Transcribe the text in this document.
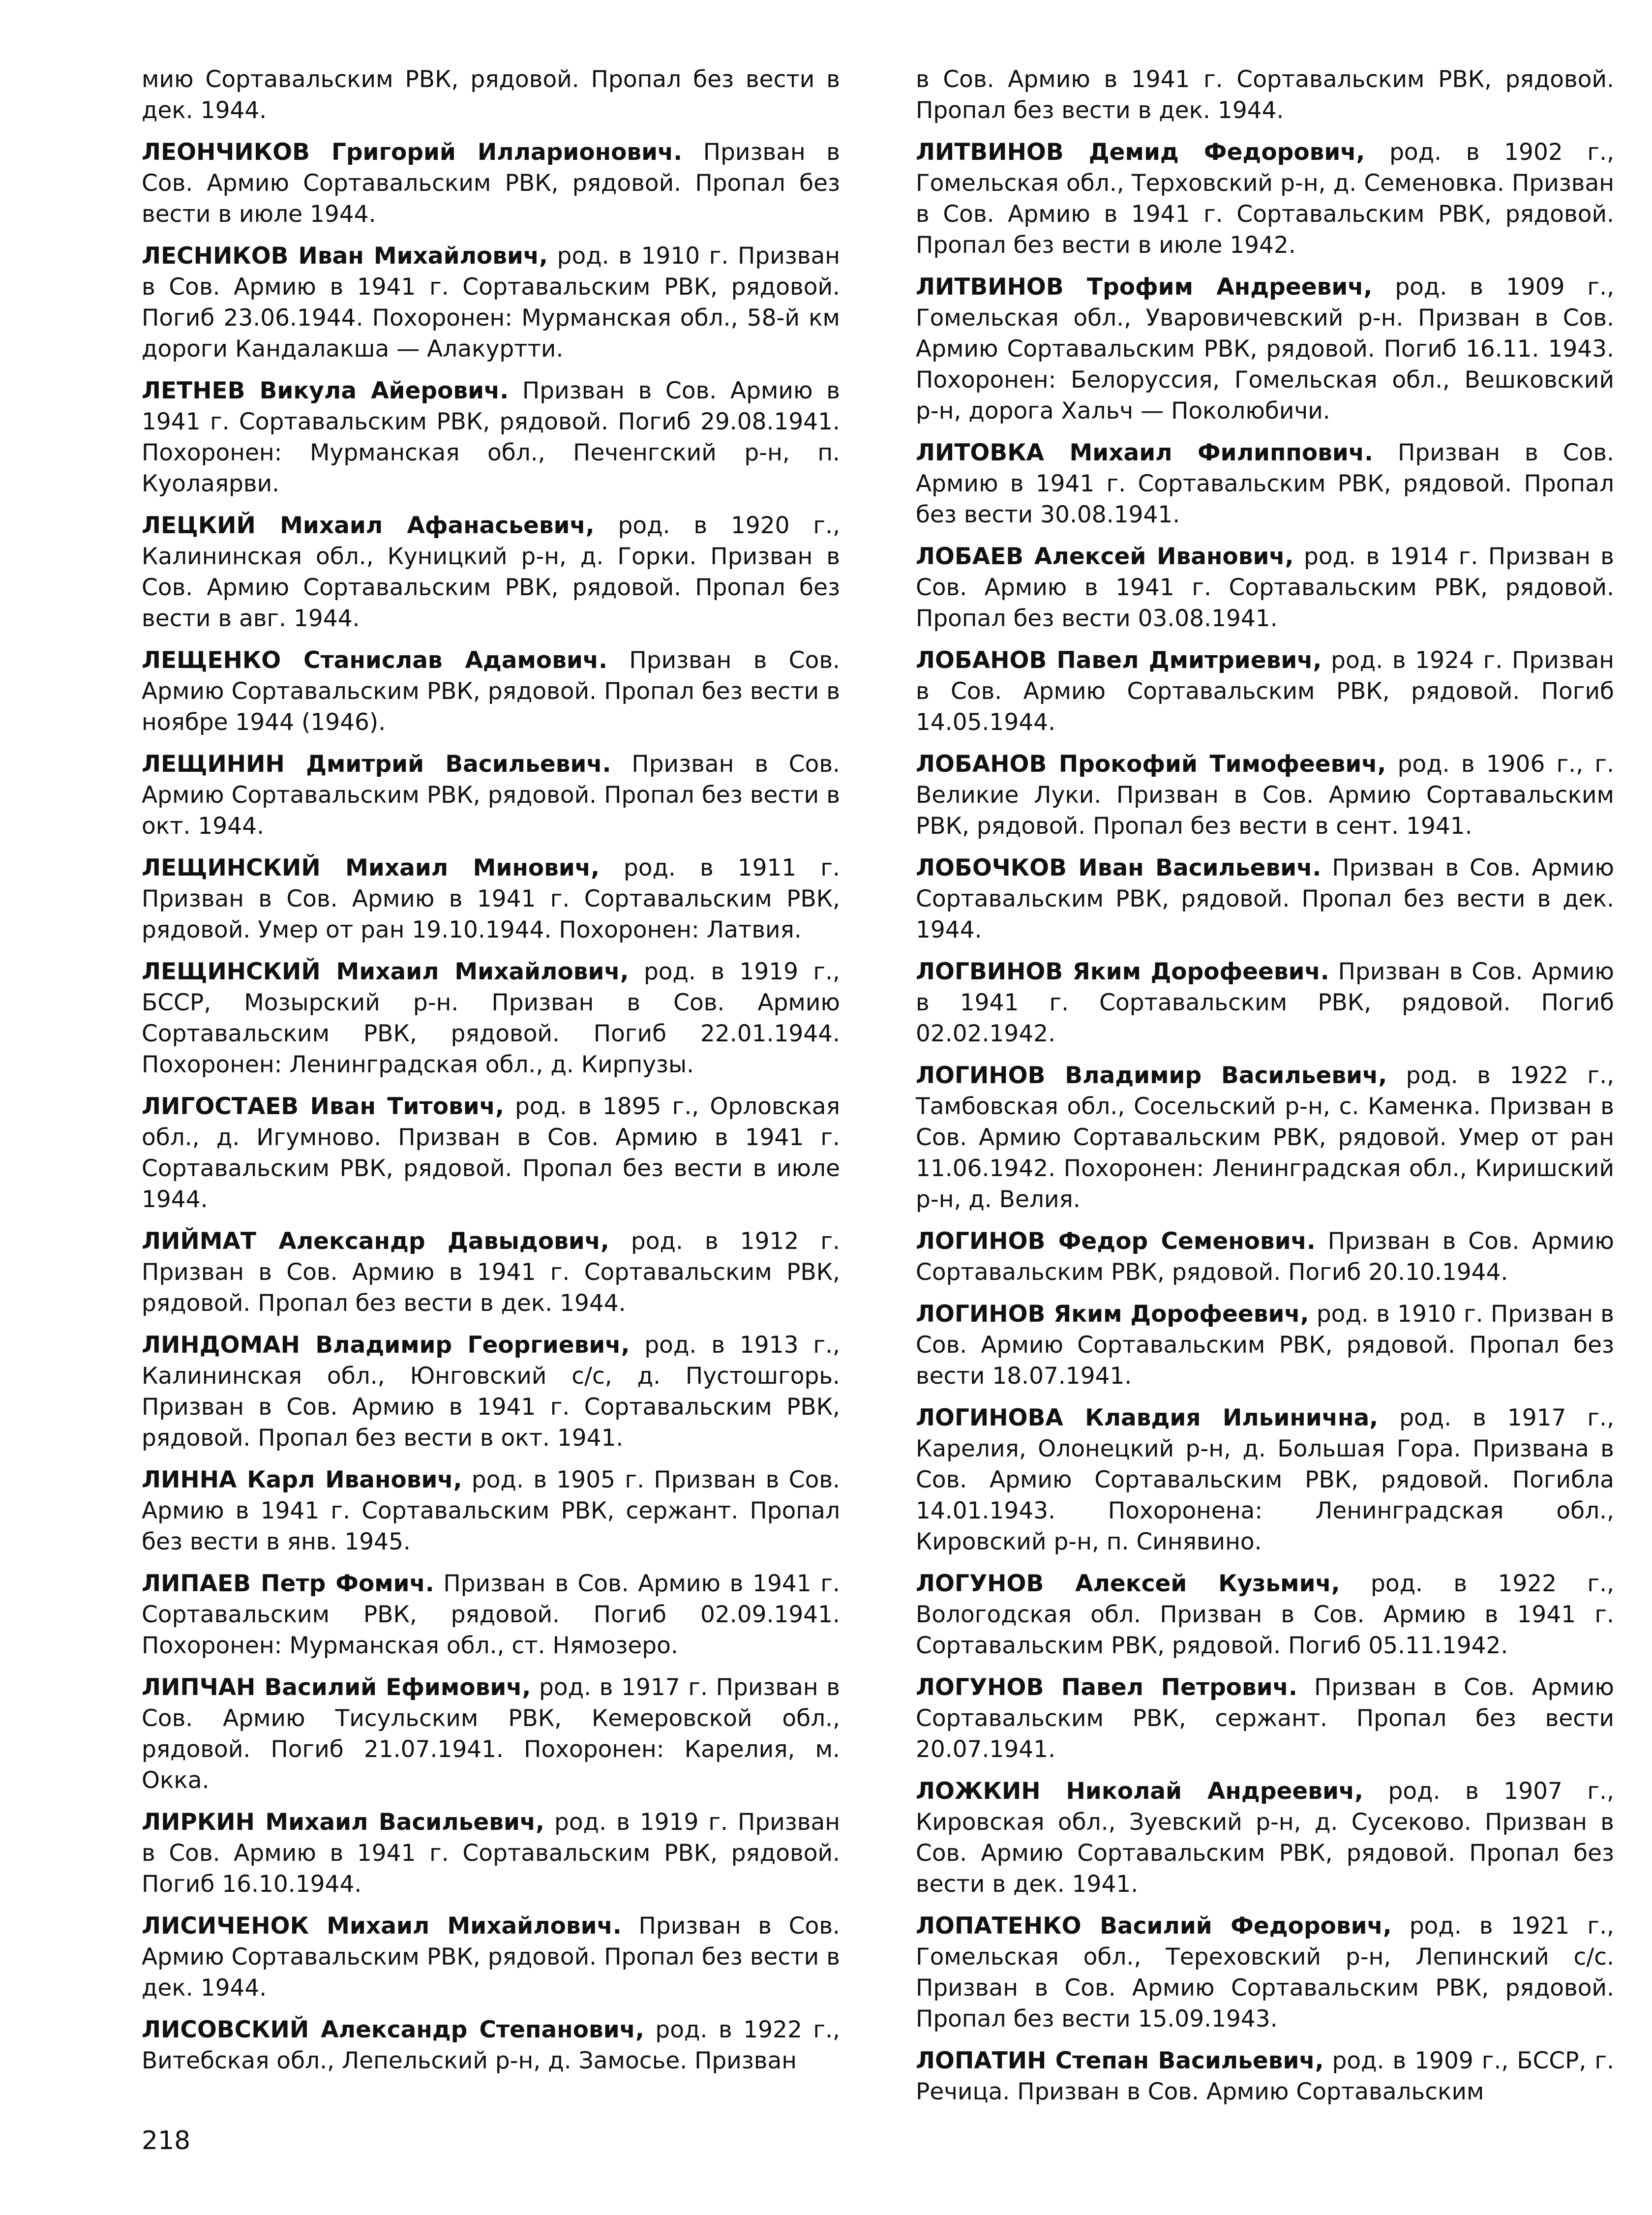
мию Сортавальским РВК, рядовой. Пропал без вести в дек. 1944.

ЛЕОНЧИКОВ Григорий Илларионович. Призван в Сов. Армию Сортавальским РВК, рядовой. Пропал без вести в июле 1944.

ЛЕСНИКОВ Иван Михайлович, род. в 1910 г. Призван в Сов. Армию в 1941 г. Сортавальским РВК, рядовой. Погиб 23.06.1944. Похоронен: Мурманская обл., 58-й км дороги Кандалакша — Алакуртти.

ЛЕТНЕВ Викула Айерович. Призван в Сов. Армию в 1941 г. Сортавальским РВК, рядовой. Погиб 29.08.1941. Похоронен: Мурманская обл., Печенгский р-н, п. Куолаярви.

ЛЕЦКИЙ Михаил Афанасьевич, род. в 1920 г., Калининская обл., Куницкий р-н, д. Горки. Призван в Сов. Армию Сортавальским РВК, рядовой. Пропал без вести в авг. 1944.

ЛЕЩЕНКО Станислав Адамович. Призван в Сов. Армию Сортавальским РВК, рядовой. Пропал без вести в ноябре 1944 (1946).

ЛЕЩИНИН Дмитрий Васильевич. Призван в Сов. Армию Сортавальским РВК, рядовой. Пропал без вести в окт. 1944.

ЛЕЩИНСКИЙ Михаил Минович, род. в 1911 г. Призван в Сов. Армию в 1941 г. Сортавальским РВК, рядовой. Умер от ран 19.10.1944. Похоронен: Латвия.

ЛЕЩИНСКИЙ Михаил Михайлович, род. в 1919 г., БССР, Мозырский р-н. Призван в Сов. Армию Сортавальским РВК, рядовой. Погиб 22.01.1944. Похоронен: Ленинградская обл., д. Кирпузы.

ЛИГОСТАЕВ Иван Титович, род. в 1895 г., Орловская обл., д. Игумново. Призван в Сов. Армию в 1941 г. Сортавальским РВК, рядовой. Пропал без вести в июле 1944.

ЛИЙМАТ Александр Давыдович, род. в 1912 г. Призван в Сов. Армию в 1941 г. Сортавальским РВК, рядовой. Пропал без вести в дек. 1944.

ЛИНДОМАН Владимир Георгиевич, род. в 1913 г., Калининская обл., Юнговский с/с, д. Пустошгорь. Призван в Сов. Армию в 1941 г. Сортавальским РВК, рядовой. Пропал без вести в окт. 1941.

ЛИННА Карл Иванович, род. в 1905 г. Призван в Сов. Армию в 1941 г. Сортавальским РВК, сержант. Пропал без вести в янв. 1945.

ЛИПАЕВ Петр Фомич. Призван в Сов. Армию в 1941 г. Сортавальским РВК, рядовой. Погиб 02.09.1941. Похоронен: Мурманская обл., ст. Нямозеро.

ЛИПЧАН Василий Ефимович, род. в 1917 г. Призван в Сов. Армию Тисульским РВК, Кемеровской обл., рядовой. Погиб 21.07.1941. Похоронен: Карелия, м. Окка.

ЛИРКИН Михаил Васильевич, род. в 1919 г. Призван в Сов. Армию в 1941 г. Сортавальским РВК, рядовой. Погиб 16.10.1944.

ЛИСИЧЕНОК Михаил Михайлович. Призван в Сов. Армию Сортавальским РВК, рядовой. Пропал без вести в дек. 1944.

ЛИСОВСКИЙ Александр Степанович, род. в 1922 г., Витебская обл., Лепельский р-н, д. Замосье. Призван

в Сов. Армию в 1941 г. Сортавальским РВК, рядовой. Пропал без вести в дек. 1944.

ЛИТВИНОВ Демид Федорович, род. в 1902 г., Гомельская обл., Терховский р-н, д. Семеновка. Призван в Сов. Армию в 1941 г. Сортавальским РВК, рядовой. Пропал без вести в июле 1942.

ЛИТВИНОВ Трофим Андреевич, род. в 1909 г., Гомельская обл., Уваровичевский р-н. Призван в Сов. Армию Сортавальским РВК, рядовой. Погиб 16.11. 1943. Похоронен: Белоруссия, Гомельская обл., Вешковский р-н, дорога Хальч — Поколюбичи.

ЛИТОВКА Михаил Филиппович. Призван в Сов. Армию в 1941 г. Сортавальским РВК, рядовой. Пропал без вести 30.08.1941.

ЛОБАЕВ Алексей Иванович, род. в 1914 г. Призван в Сов. Армию в 1941 г. Сортавальским РВК, рядовой. Пропал без вести 03.08.1941.

ЛОБАНОВ Павел Дмитриевич, род. в 1924 г. Призван в Сов. Армию Сортавальским РВК, рядовой. Погиб 14.05.1944.

ЛОБАНОВ Прокофий Тимофеевич, род. в 1906 г., г. Великие Луки. Призван в Сов. Армию Сортавальским РВК, рядовой. Пропал без вести в сент. 1941.

ЛОБОЧКОВ Иван Васильевич. Призван в Сов. Армию Сортавальским РВК, рядовой. Пропал без вести в дек. 1944.

ЛОГВИНОВ Яким Дорофеевич. Призван в Сов. Армию в 1941 г. Сортавальским РВК, рядовой. Погиб 02.02.1942.

ЛОГИНОВ Владимир Васильевич, род. в 1922 г., Тамбовская обл., Сосельский р-н, с. Каменка. Призван в Сов. Армию Сортавальским РВК, рядовой. Умер от ран 11.06.1942. Похоронен: Ленинградская обл., Киришский р-н, д. Велия.

ЛОГИНОВ Федор Семенович. Призван в Сов. Армию Сортавальским РВК, рядовой. Погиб 20.10.1944.

ЛОГИНОВ Яким Дорофеевич, род. в 1910 г. Призван в Сов. Армию Сортавальским РВК, рядовой. Пропал без вести 18.07.1941.

ЛОГИНОВА Клавдия Ильинична, род. в 1917 г., Карелия, Олонецкий р-н, д. Большая Гора. Призвана в Сов. Армию Сортавальским РВК, рядовой. Погибла 14.01.1943. Похоронена: Ленинградская обл., Кировский р-н, п. Синявино.

ЛОГУНОВ Алексей Кузьмич, род. в 1922 г., Вологодская обл. Призван в Сов. Армию в 1941 г. Сортавальским РВК, рядовой. Погиб 05.11.1942.

ЛОГУНОВ Павел Петрович. Призван в Сов. Армию Сортавальским РВК, сержант. Пропал без вести 20.07.1941.

ЛОЖКИН Николай Андреевич, род. в 1907 г., Кировская обл., Зуевский р-н, д. Сусеково. Призван в Сов. Армию Сортавальским РВК, рядовой. Пропал без вести в дек. 1941.

ЛОПАТЕНКО Василий Федорович, род. в 1921 г., Гомельская обл., Тереховский р-н, Лепинский с/с. Призван в Сов. Армию Сортавальским РВК, рядовой. Пропал без вести 15.09.1943.

ЛОПАТИН Степан Васильевич, род. в 1909 г., БССР, г. Речица. Призван в Сов. Армию Сортавальским

218
